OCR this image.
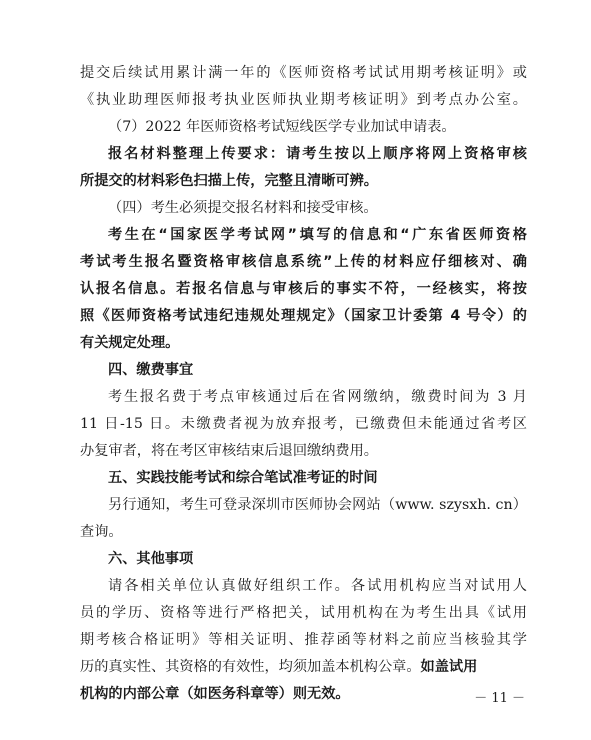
提交后续试用累计满一年的《医师资格考试试用期考核证明》或
《执业助理医师报考执业医师执业期考核证明》到考点办公室。
（7）2022 年医师资格考试短线医学专业加试申请表。
报名材料整理上传要求：请考生按以上顺序将网上资格审核
所提交的材料彩色扫描上传，完整且清晰可辨。
（四）考生必须提交报名材料和接受审核。
考生在“国家医学考试网”填写的信息和“广东省医师资格
考试考生报名暨资格审核信息系统”上传的材料应仔细核对、确
认报名信息。若报名信息与审核后的事实不符，一经核实，将按
照《医师资格考试违纪违规处理规定》（国家卫计委第 4 号令）的
有关规定处理。
四、缴费事宜
考生报名费于考点审核通过后在省网缴纳，缴费时间为 3 月
11 日-15 日。未缴费者视为放弃报考，已缴费但未能通过省考区
办复审者，将在考区审核结束后退回缴纳费用。
五、实践技能考试和综合笔试准考证的时间
另行通知，考生可登录深圳市医师协会网站（www. szysxh. cn）
查询。
六、其他事项
请各相关单位认真做好组织工作。各试用机构应当对试用人
员的学历、资格等进行严格把关，试用机构在为考生出具《试用
期考核合格证明》等相关证明、推荐函等材料之前应当核验其学
历的真实性、其资格的有效性，均须加盖本机构公章。如盖试用
机构的内部公章（如医务科章等）则无效。	－ 11 －
